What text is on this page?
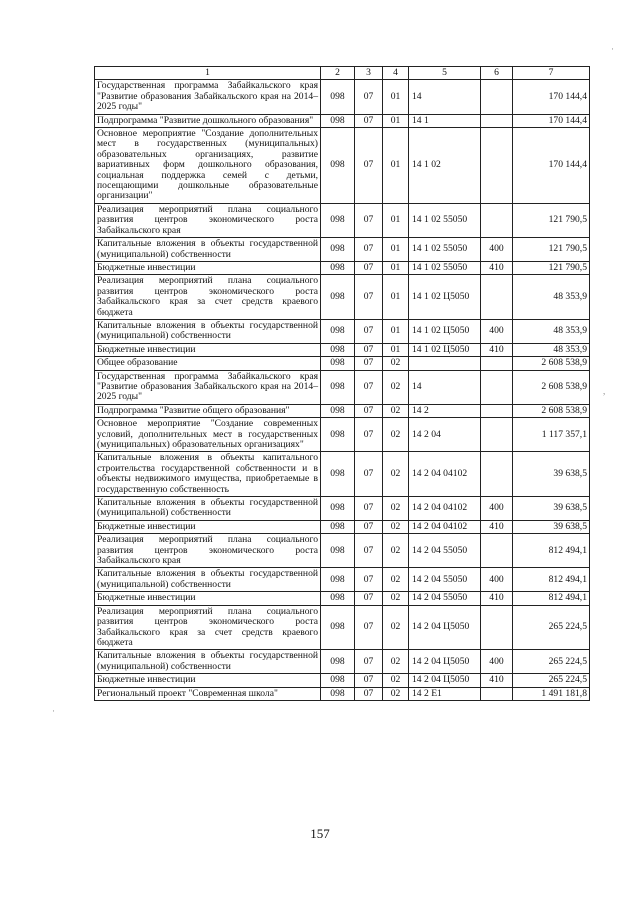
1	2	3	4	5	6	7
Государственная программа Забайкальского края "Развитие образования Забайкальского края на 2014–2025 годы"	098	07	01	14		170 144,4
Подпрограмма "Развитие дошкольного образования"	098	07	01	14 1		170 144,4
Основное мероприятие "Создание дополнительных мест в государственных (муниципальных) образовательных организациях, развитие вариативных форм дошкольного образования, социальная поддержка семей с детьми, посещающими дошкольные образовательные организации"	098	07	01	14 1 02		170 144,4
Реализация мероприятий плана социального развития центров экономического роста Забайкальского края	098	07	01	14 1 02 55050		121 790,5
Капитальные вложения в объекты государственной (муниципальной) собственности	098	07	01	14 1 02 55050	400	121 790,5
Бюджетные инвестиции	098	07	01	14 1 02 55050	410	121 790,5
Реализация мероприятий плана социального развития центров экономического роста Забайкальского края за счет средств краевого бюджета	098	07	01	14 1 02 Ц5050		48 353,9
Капитальные вложения в объекты государственной (муниципальной) собственности	098	07	01	14 1 02 Ц5050	400	48 353,9
Бюджетные инвестиции	098	07	01	14 1 02 Ц5050	410	48 353,9
Общее образование	098	07	02			2 608 538,9
Государственная программа Забайкальского края "Развитие образования Забайкальского края на 2014–2025 годы"	098	07	02	14		2 608 538,9
Подпрограмма "Развитие общего образования"	098	07	02	14 2		2 608 538,9
Основное мероприятие "Создание современных условий, дополнительных мест в государственных (муниципальных) образовательных организациях"	098	07	02	14 2 04		1 117 357,1
Капитальные вложения в объекты капитального строительства государственной собственности и в объекты недвижимого имущества, приобретаемые в государственную собственность	098	07	02	14 2 04 04102		39 638,5
Капитальные вложения в объекты государственной (муниципальной) собственности	098	07	02	14 2 04 04102	400	39 638,5
Бюджетные инвестиции	098	07	02	14 2 04 04102	410	39 638,5
Реализация мероприятий плана социального развития центров экономического роста Забайкальского края	098	07	02	14 2 04 55050		812 494,1
Капитальные вложения в объекты государственной (муниципальной) собственности	098	07	02	14 2 04 55050	400	812 494,1
Бюджетные инвестиции	098	07	02	14 2 04 55050	410	812 494,1
Реализация мероприятий плана социального развития центров экономического роста Забайкальского края за счет средств краевого бюджета	098	07	02	14 2 04 Ц5050		265 224,5
Капитальные вложения в объекты государственной (муниципальной) собственности	098	07	02	14 2 04 Ц5050	400	265 224,5
Бюджетные инвестиции	098	07	02	14 2 04 Ц5050	410	265 224,5
Региональный проект "Современная школа"	098	07	02	14 2 E1		1 491 181,8
157
·
,
·
